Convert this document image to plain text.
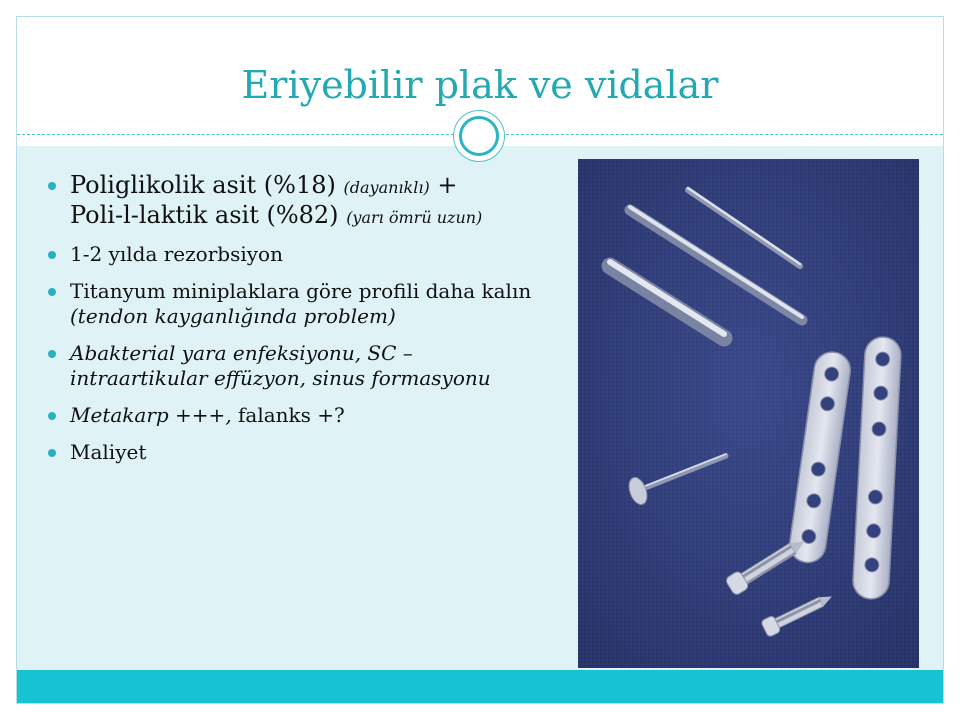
Eriyebilir plak ve vidalar
Poliglikolik asit (%18) (dayanıklı) +
Poli-l-laktik asit (%82) (yarı ömrü uzun)
1-2 yılda rezorbsiyon
Titanyum miniplaklara göre profili daha kalın (tendon kayganlığında problem)
Abakterial yara enfeksiyonu, SC – intraartikular effüzyon, sinus formasyonu
Metakarp +++, falanks +?
Maliyet
